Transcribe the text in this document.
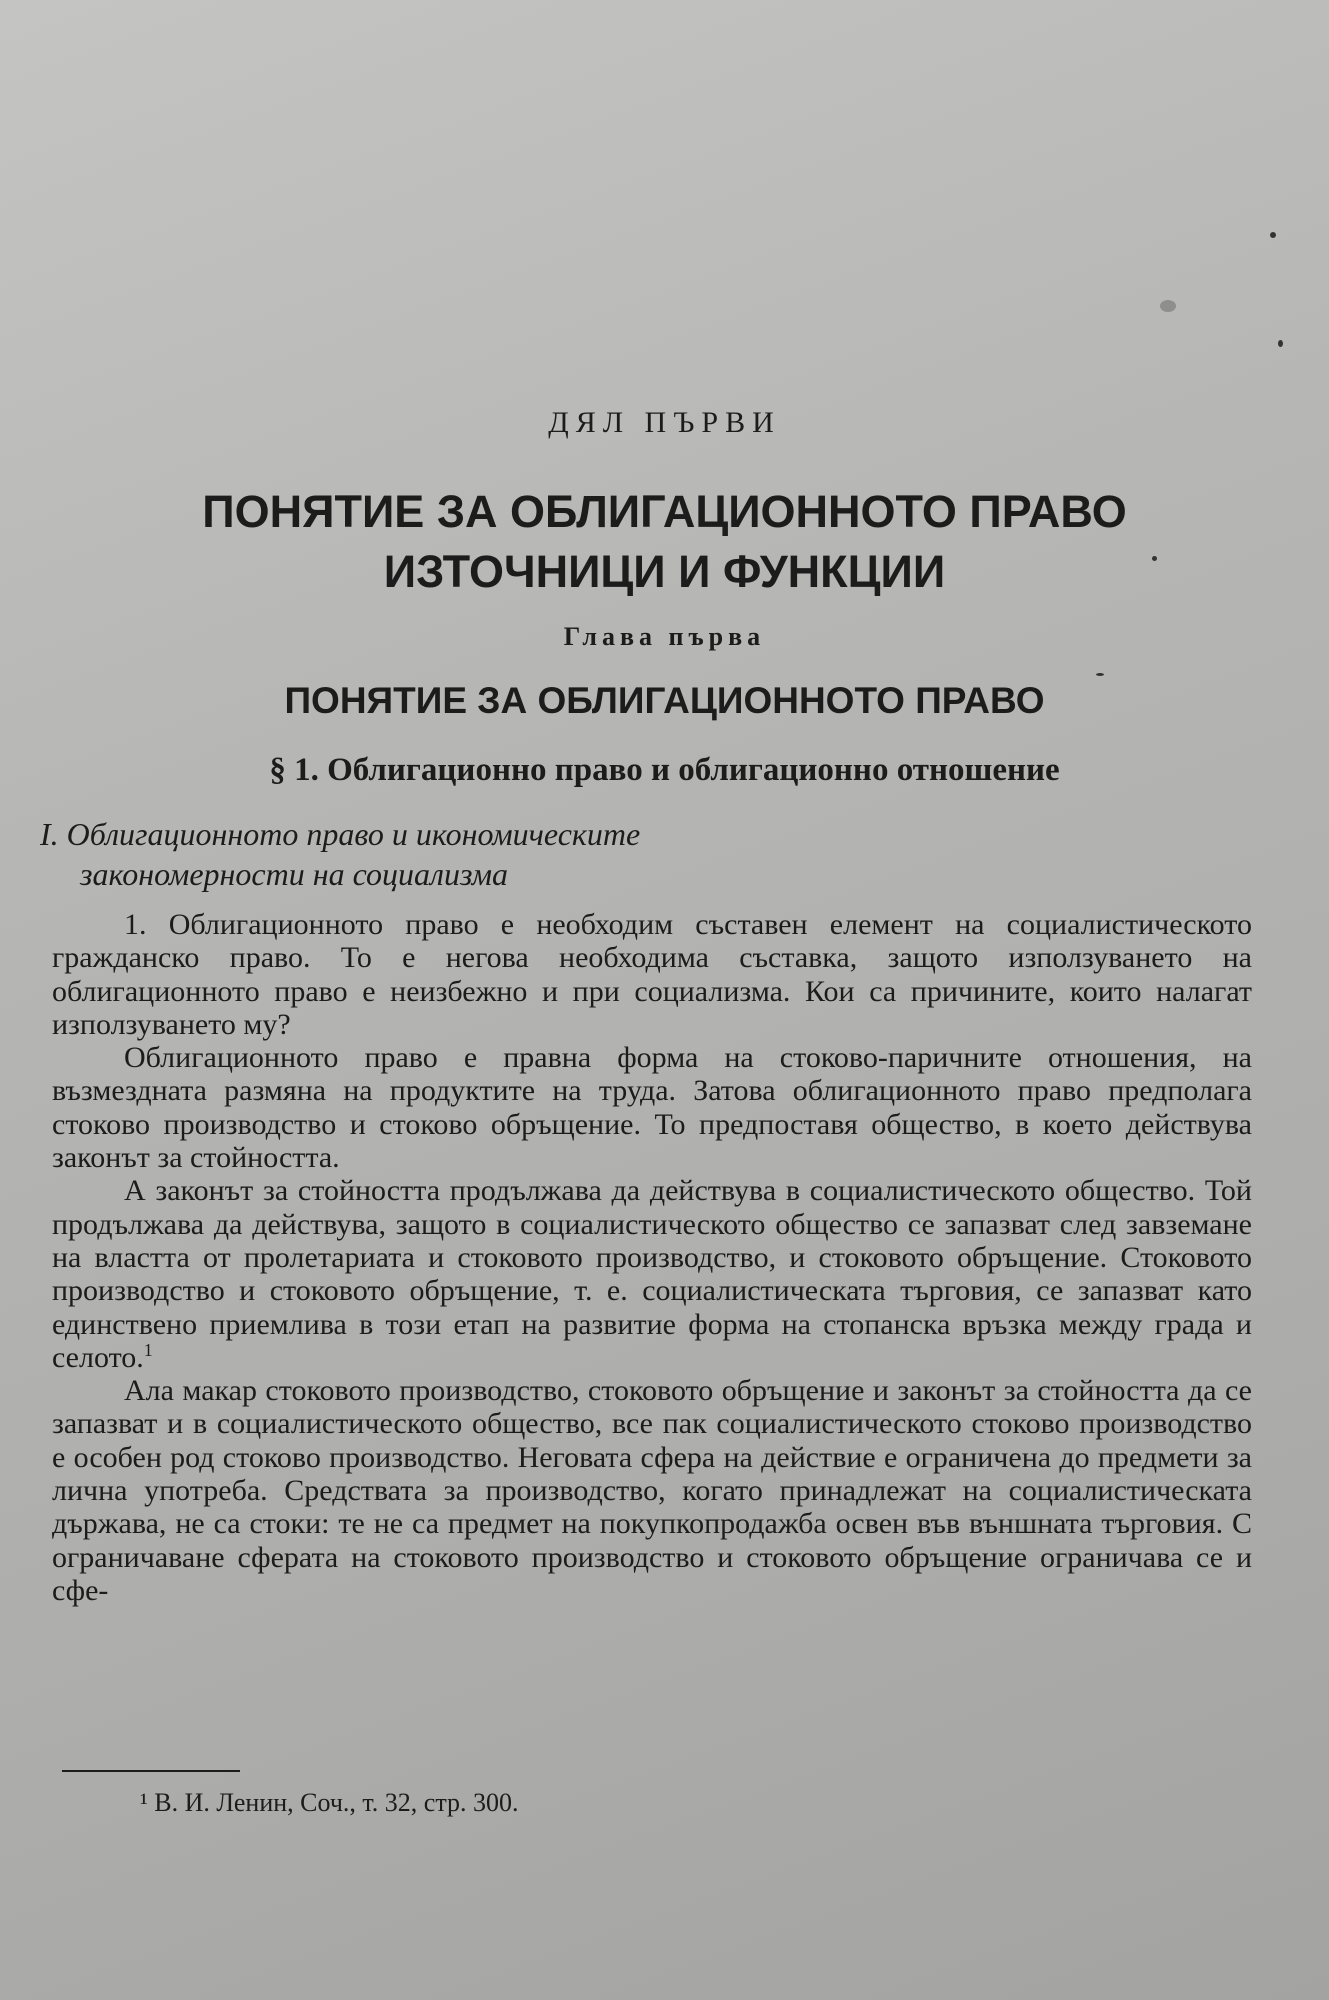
ДЯЛ ПЪРВИ
ПОНЯТИЕ ЗА ОБЛИГАЦИОННОТО ПРАВО
ИЗТОЧНИЦИ И ФУНКЦИИ
Глава първа
ПОНЯТИЕ ЗА ОБЛИГАЦИОННОТО ПРАВО
§ 1. Облигационно право и облигационно отношение
I. Облигационното право и икономическите
закономерности на социализма

1. Облигационното право е необходим съставен елемент на социалистическото гражданско право. То е негова необходима съставка, защото използуването на облигационното право е неизбежно и при социализма. Кои са причините, които налагат използуването му?

Облигационното право е правна форма на стоково-паричните отношения, на възмездната размяна на продуктите на труда. Затова облигационното право предполага стоково производство и стоково обръщение. То предпоставя общество, в което действува законът за стойността.

А законът за стойността продължава да действува в социалистическото общество. Той продължава да действува, защото в социалистическото общество се запазват след завземане на властта от пролетариата и стоковото производство, и стоковото обръщение. Стоковото производство и стоковото обръщение, т. е. социалистическата търговия, се запазват като единствено приемлива в този етап на развитие форма на стопанска връзка между града и селото.$^1$

Ала макар стоковото производство, стоковото обръщение и законът за стойността да се запазват и в социалистическото общество, все пак социалистическото стоково производство е особен род стоково производство. Неговата сфера на действие е ограничена до предмети за лична употреба. Средствата за производство, когато принадлежат на социалистическата държава, не са стоки: те не са предмет на покупкопродажба освен във външната търговия. С ограничаване сферата на стоковото производство и стоковото обръщение ограничава се и сфе-

¹ В. И. Ленин, Соч., т. 32, стр. 300.
